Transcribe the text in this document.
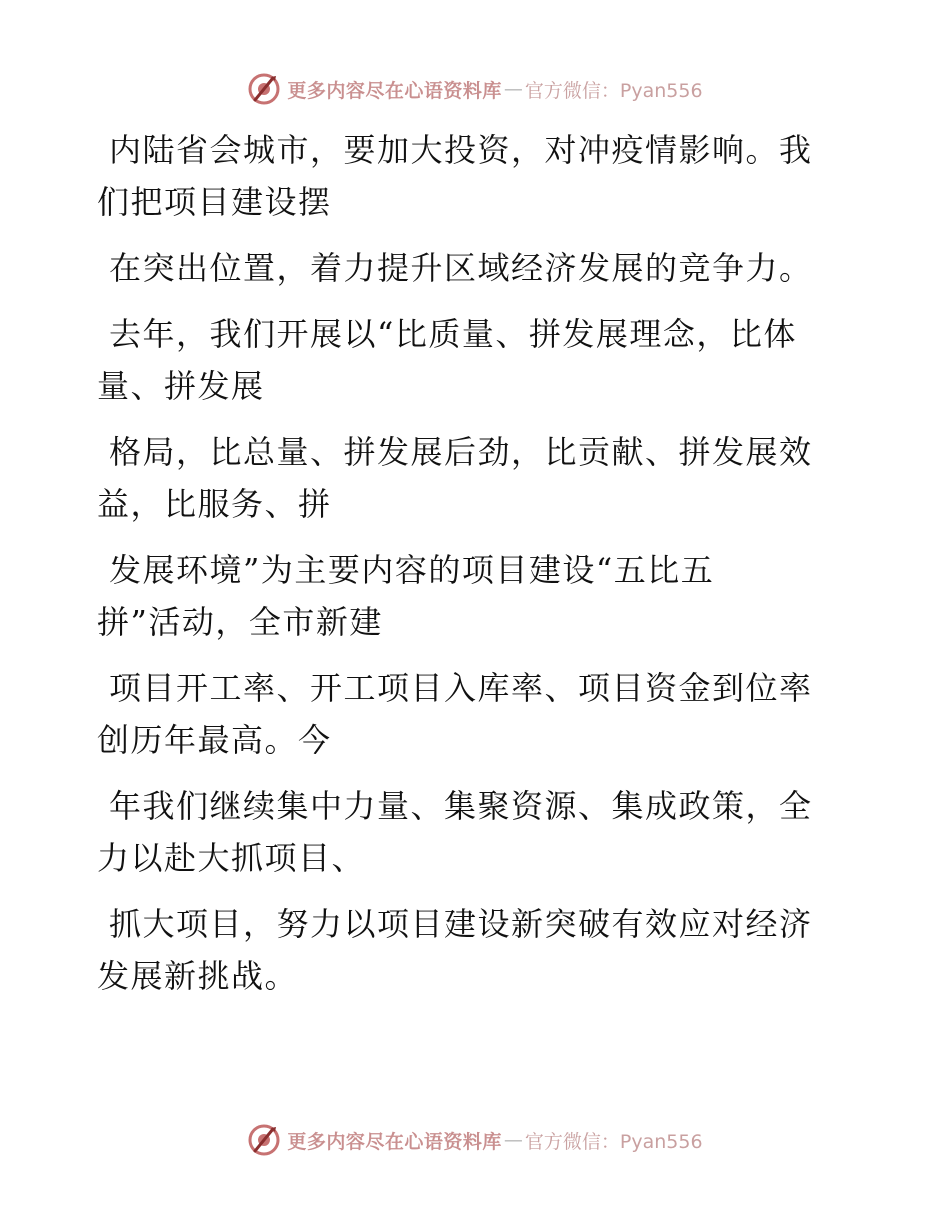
更多内容尽在心语资料库 — 官方微信：Pyan556

内陆省会城市，要加大投资，对冲疫情影响。我
们把项目建设摆

在突出位置，着力提升区域经济发展的竞争力。

去年，我们开展以“比质量、拼发展理念，比体
量、拼发展

格局，比总量、拼发展后劲，比贡献、拼发展效
益，比服务、拼

发展环境”为主要内容的项目建设“五比五
拼”活动，全市新建

项目开工率、开工项目入库率、项目资金到位率
创历年最高。今

年我们继续集中力量、集聚资源、集成政策，全
力以赴大抓项目、

抓大项目，努力以项目建设新突破有效应对经济
发展新挑战。

更多内容尽在心语资料库 — 官方微信：Pyan556
